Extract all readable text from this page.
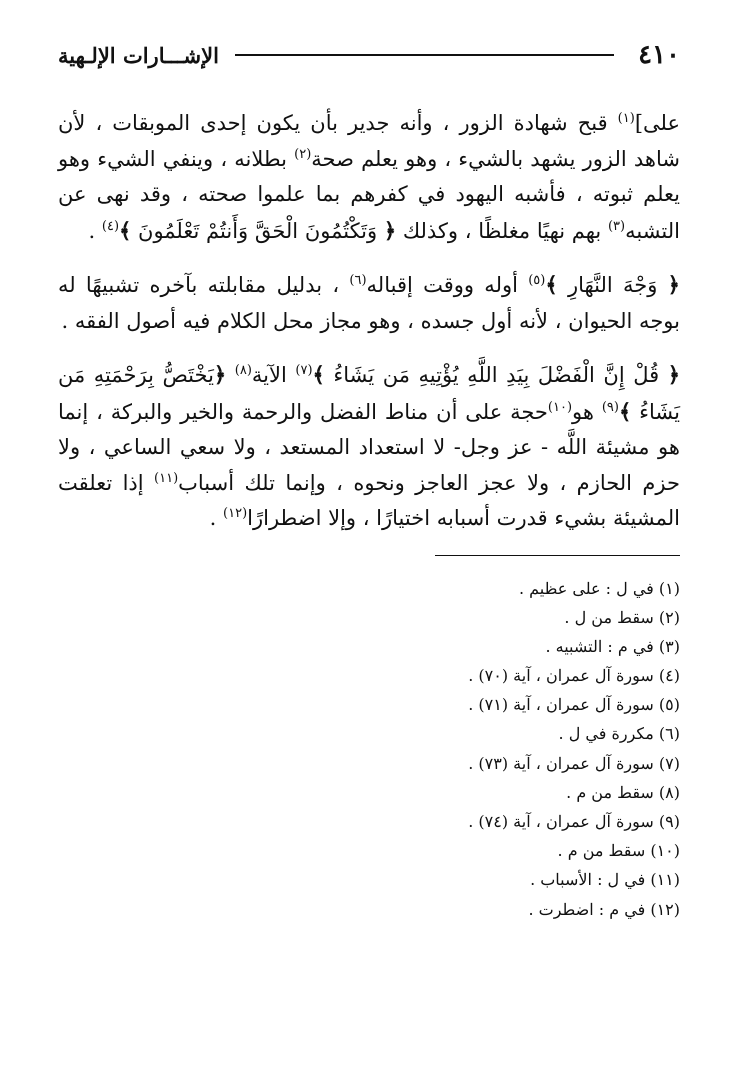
٤١٠
الإشـــارات الإلـهية

على]$^{(١)}$ قبح شهادة الزور ، وأنه جدير بأن يكون إحدى الموبقات ، لأن شاهد الزور يشهد بالشيء ، وهو يعلم صحة$^{(٢)}$ بطلانه ، وينفي الشيء وهو يعلم ثبوته ، فأشبه اليهود في كفرهم بما علموا صحته ، وقد نهى عن التشبه$^{(٣)}$ بهم نهيًا مغلظًا ، وكذلك ﴿ وَتَكْتُمُونَ الْحَقَّ وَأَنتُمْ تَعْلَمُونَ ﴾$^{(٤)}$ .

﴿ وَجْهَ النَّهَارِ ﴾$^{(٥)}$ أوله ووقت إقباله$^{(٦)}$ ، بدليل مقابلته بآخره تشبيهًا له بوجه الحيوان ، لأنه أول جسده ، وهو مجاز محل الكلام فيه أصول الفقه .

﴿ قُلْ إِنَّ الْفَضْلَ بِيَدِ اللَّهِ يُؤْتِيهِ مَن يَشَاءُ ﴾$^{(٧)}$ الآية$^{(٨)}$ ﴿يَخْتَصُّ بِرَحْمَتِهِ مَن يَشَاءُ ﴾$^{(٩)}$ هو$^{(١٠)}$حجة على أن مناط الفضل والرحمة والخير والبركة ، إنما هو مشيئة اللَّه - عز وجل- لا استعداد المستعد ، ولا سعي الساعي ، ولا حزم الحازم ، ولا عجز العاجز ونحوه ، وإنما تلك أسباب$^{(١١)}$ إذا تعلقت المشيئة بشيء قدرت أسبابه اختيارًا ، وإلا اضطرارًا$^{(١٢)}$ .

(١) في ل : على عظيم .
(٢) سقط من ل .
(٣) في م : التشبيه .
(٤) سورة آل عمران ، آية (٧٠) .
(٥) سورة آل عمران ، آية (٧١) .
(٦) مكررة في ل .
(٧) سورة آل عمران ، آية (٧٣) .
(٨) سقط من م .
(٩) سورة آل عمران ، آية (٧٤) .
(١٠) سقط من م .
(١١) في ل : الأسباب .
(١٢) في م : اضطرت .
